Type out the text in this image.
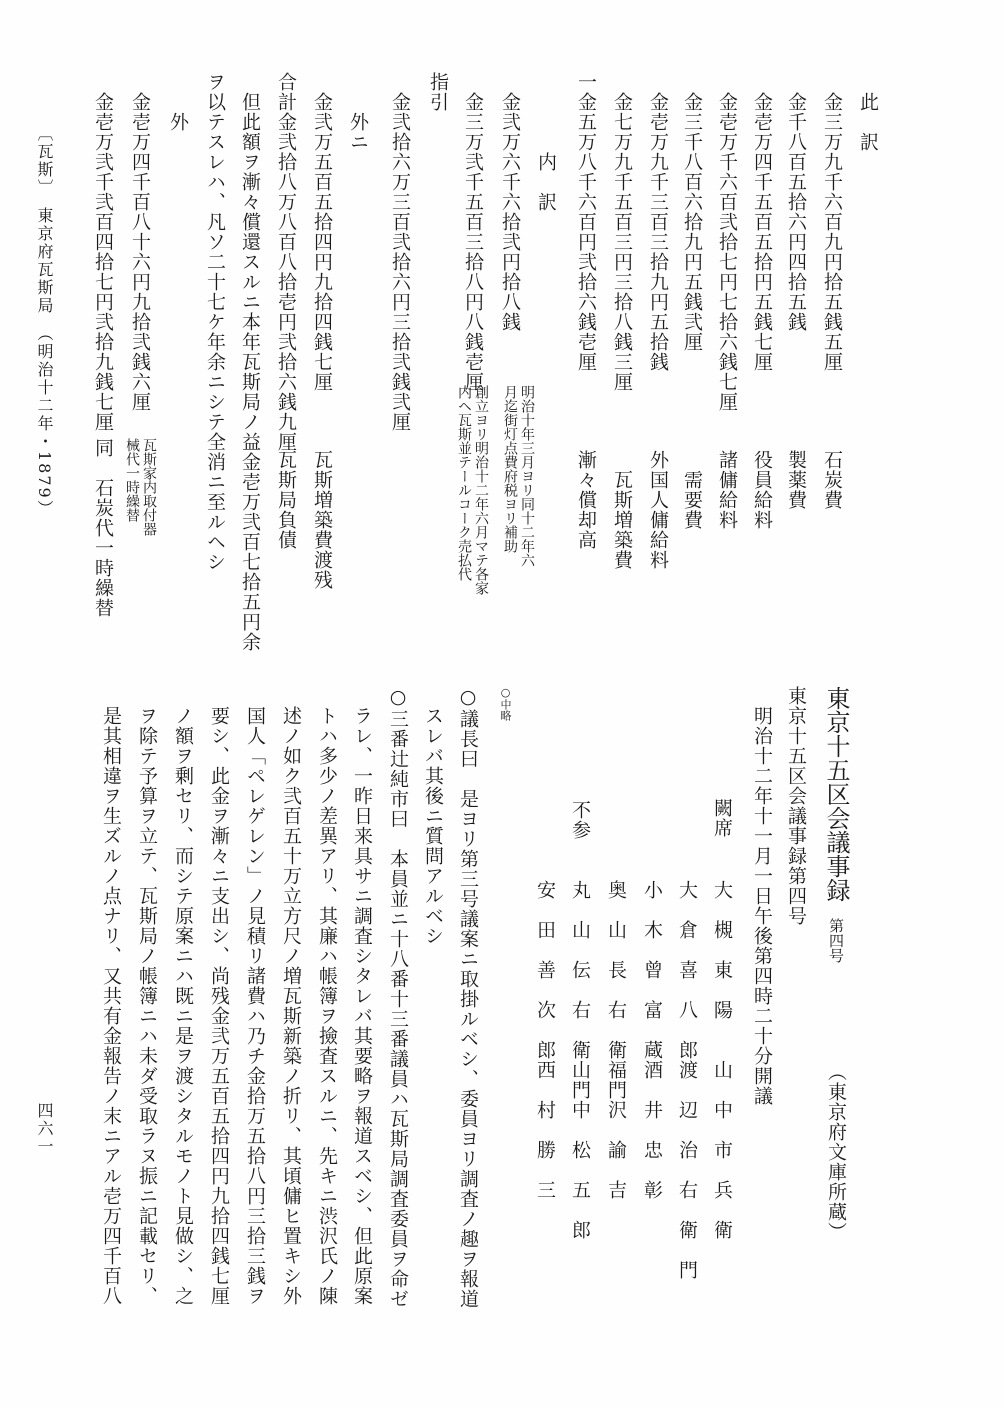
此　訳
金三万九千六百九円拾五銭五厘
石炭費
金千八百五拾六円四拾五銭
製薬費
金壱万四千五百五拾円五銭七厘
役員給料
金壱万千六百弐拾七円七拾六銭七厘
諸傭給料
金三千八百六拾九円五銭弐厘
需要費
金壱万九千三百三拾九円五拾銭
外国人傭給料
金七万九千五百三円三拾八銭三厘
瓦斯増築費
一金五万八千六百円弐拾六銭壱厘
漸々償却高
内　訳
金弐万六千六拾弐円拾八銭
金三万弐千五百三拾八円八銭壱厘
明治十年三月ヨリ同十二年六
月迄街灯点費府税ヨリ補助
創立ヨリ明治十二年六月マテ各家
内ヘ瓦斯並テールコーク売払代
指引
金弐拾六万三百弐拾六円三拾弐銭弐厘
外ニ
金弐万五百五拾四円九拾四銭七厘
瓦斯増築費渡残
合計金弐拾八万八百八拾壱円弐拾六銭九厘
瓦斯局負債
但此額ヲ漸々償還スルニ本年瓦斯局ノ益金壱万弐百七拾五円余
ヲ以テスレハ、凡ソ二十七ケ年余ニシテ全消ニ至ルヘシ
外
金壱万四千百八十六円九拾弐銭六厘
瓦斯家内取付器
械代一時繰替
金壱万弐千弐百四拾七円弐拾九銭七厘
同　石炭代一時繰替
東京十五区会議事録
第四号
（東京府文庫所蔵）
東京十五区会議事録第四号
明治十二年十一月一日午後第四時二十分開議
闕席
大　槻　東　陽
山　中　市　兵　衛
大　倉　喜　八　郎
渡　辺　治　右　衛　門
小　木　曾　富　蔵
酒　井　忠　彰
奥　山　長　右　衛　門
福　沢　諭　吉
不参
丸　山　伝　右　衛　門
山　中　松　五　郎
安　田　善　次　郎
西　村　勝　三
○中略
○議長曰　是ヨリ第三号議案ニ取掛ルベシ、委員ヨリ調査ノ趣ヲ報道
スレバ其後ニ質問アルベシ
○三番辻純市曰　本員並ニ十八番十三番議員ハ瓦斯局調査委員ヲ命ゼ
ラレ、一昨日来具サニ調査シタレバ其要略ヲ報道スベシ、但此原案
トハ多少ノ差異アリ、其廉ハ帳簿ヲ撿査スルニ、先キニ渋沢氏ノ陳
述ノ如ク弐百五十万立方尺ノ増瓦斯新築ノ折リ、其頃傭ヒ置キシ外
国人「ペレゲレン」ノ見積リ諸費ハ乃チ金拾万五拾八円三拾三銭ヲ
要シ、此金ヲ漸々ニ支出シ、尚残金弐万五百五拾四円九拾四銭七厘
ノ額ヲ剰セリ、而シテ原案ニハ既ニ是ヲ渡シタルモノト見做シ、之
ヲ除テ予算ヲ立テ、瓦斯局ノ帳簿ニハ未ダ受取ラヌ振ニ記載セリ、
是其相違ヲ生ズルノ点ナリ、又共有金報告ノ末ニアル壱万四千百八
〔瓦斯〕　東京府瓦斯局　（明治十二年・1879）
四六一
